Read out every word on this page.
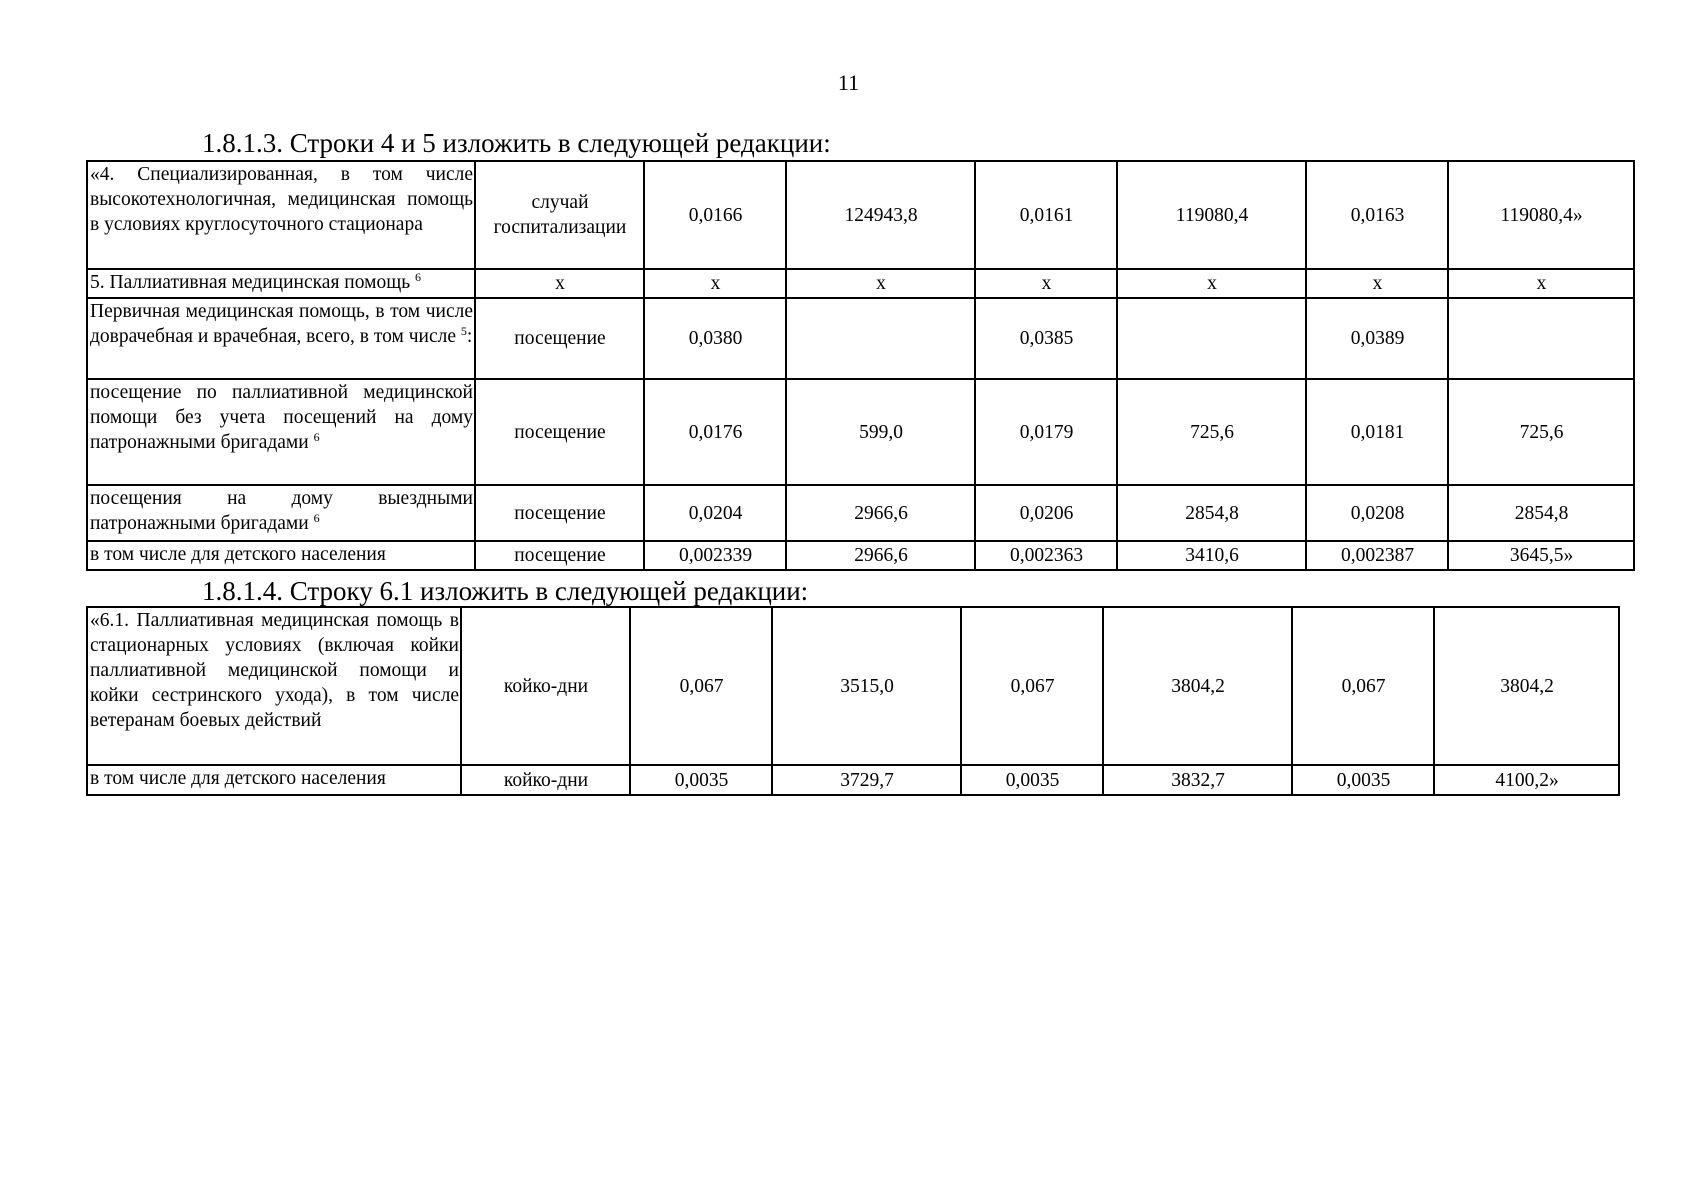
11
1.8.1.3. Строки 4 и 5 изложить в следующей редакции:
«4. Специализированная, в том числе высокотехнологичная, медицинская помощь в условиях круглосуточного стационара	случай госпитализации	0,0166	124943,8	0,0161	119080,4	0,0163	119080,4»
5. Паллиативная медицинская помощь $^6$	х	х	х	х	х	х	х
Первичная медицинская помощь, в том числе доврачебная и врачебная, всего, в том числе $^5$:	посещение	0,0380		0,0385		0,0389	
посещение по паллиативной медицинской помощи без учета посещений на дому патронажными бригадами $^6$	посещение	0,0176	599,0	0,0179	725,6	0,0181	725,6
посещения на дому выездными патронажными бригадами $^6$	посещение	0,0204	2966,6	0,0206	2854,8	0,0208	2854,8
в том числе для детского населения	посещение	0,002339	2966,6	0,002363	3410,6	0,002387	3645,5»
1.8.1.4. Строку 6.1 изложить в следующей редакции:
«6.1. Паллиативная медицинская помощь в стационарных условиях (включая койки паллиативной медицинской помощи и койки сестринского ухода), в том числе ветеранам боевых действий	койко-дни	0,067	3515,0	0,067	3804,2	0,067	3804,2
в том числе для детского населения	койко-дни	0,0035	3729,7	0,0035	3832,7	0,0035	4100,2»
